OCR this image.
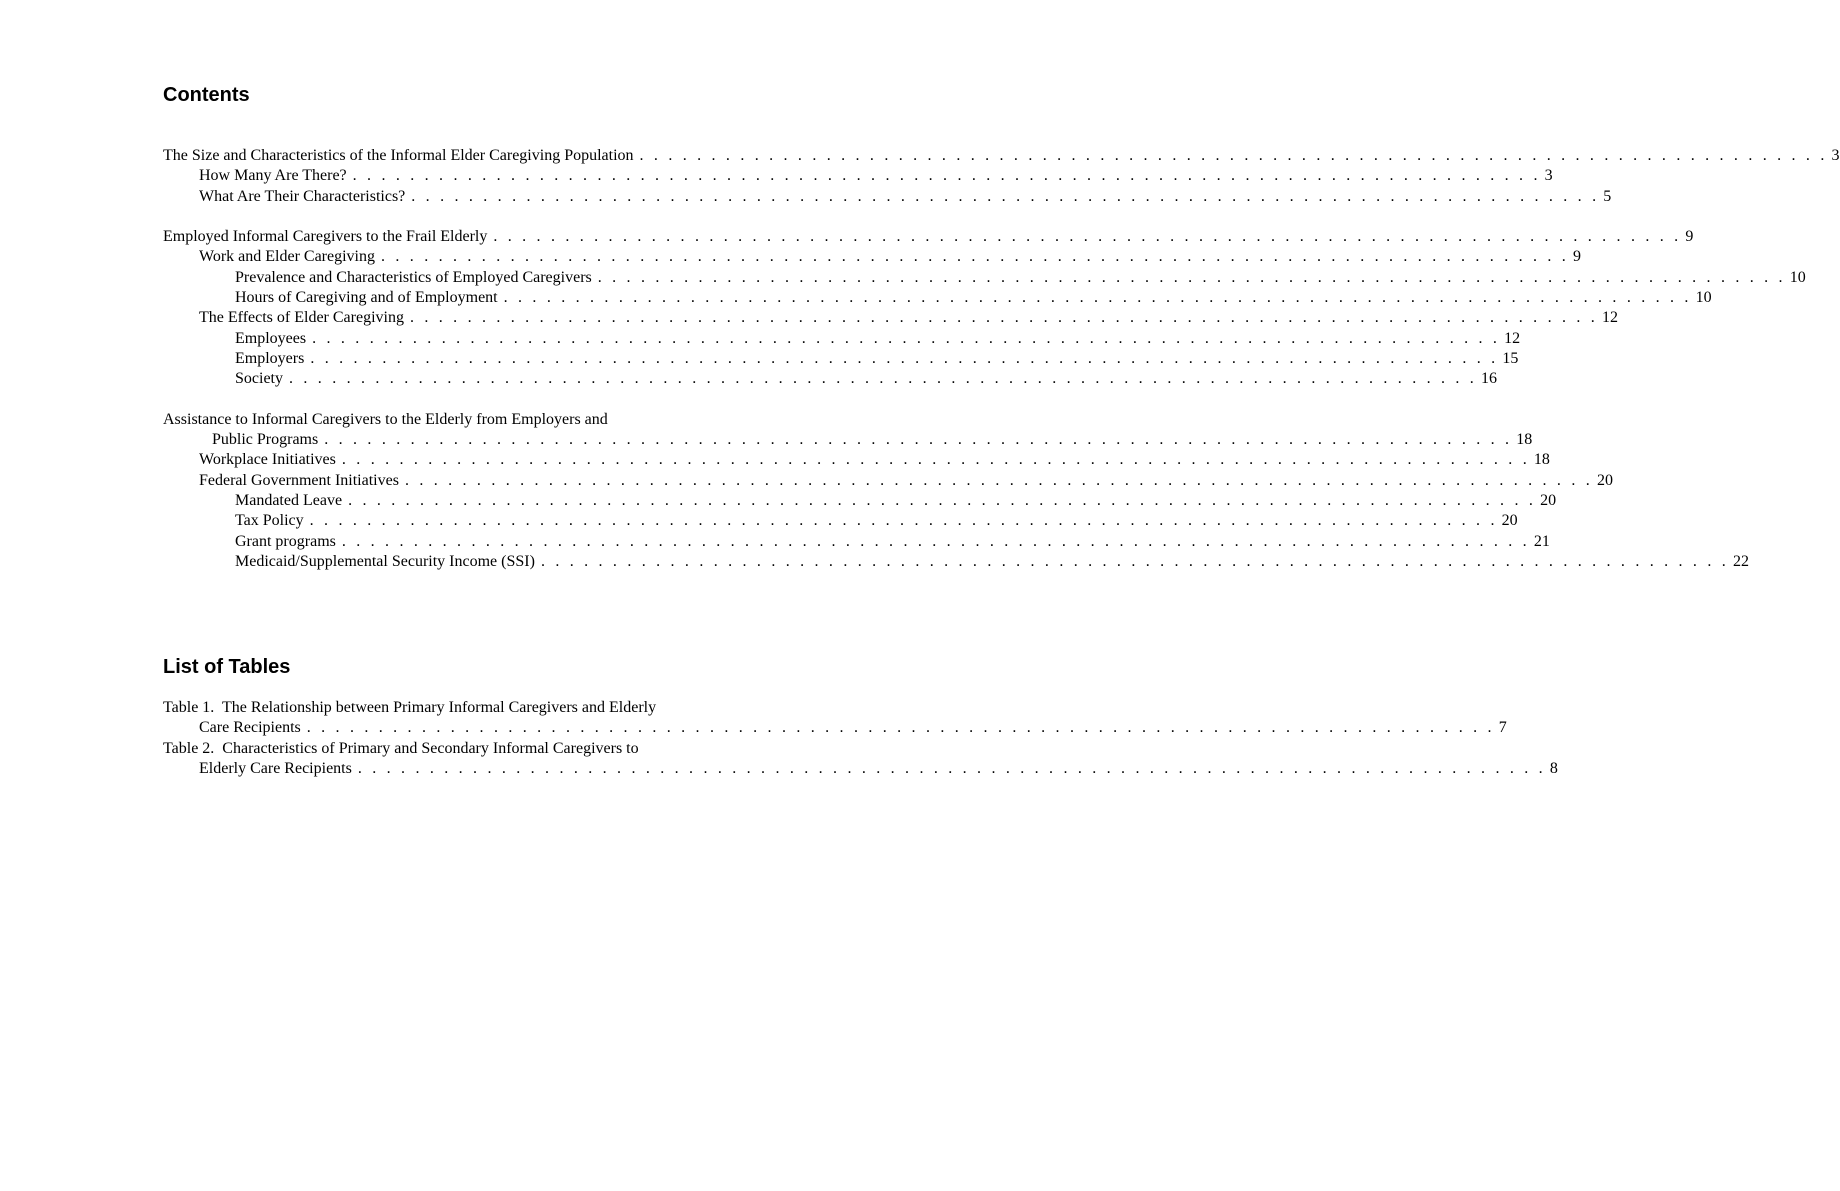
Contents
The Size and Characteristics of the Informal Elder Caregiving Population . . . . . . . . . . . . . . . . . . . . . . . . . . . . . . . . . . . . . . . . . . . . . . . . . . . . . . . . . . . . . . . . . . . . . . . . . . . . . . . . . . . 3
How Many Are There? . . . . . . . . . . . . . . . . . . . . . . . . . . . . . . . . . . . . . . . . . . . . . . . . . . . . . . . . . . . . . . . . . . . . . . . . . . . . . . . . . . . 3
What Are Their Characteristics? . . . . . . . . . . . . . . . . . . . . . . . . . . . . . . . . . . . . . . . . . . . . . . . . . . . . . . . . . . . . . . . . . . . . . . . . . . . . . . . . . . . 5
Employed Informal Caregivers to the Frail Elderly . . . . . . . . . . . . . . . . . . . . . . . . . . . . . . . . . . . . . . . . . . . . . . . . . . . . . . . . . . . . . . . . . . . . . . . . . . . . . . . . . . . 9
Work and Elder Caregiving . . . . . . . . . . . . . . . . . . . . . . . . . . . . . . . . . . . . . . . . . . . . . . . . . . . . . . . . . . . . . . . . . . . . . . . . . . . . . . . . . . . 9
Prevalence and Characteristics of Employed Caregivers . . . . . . . . . . . . . . . . . . . . . . . . . . . . . . . . . . . . . . . . . . . . . . . . . . . . . . . . . . . . . . . . . . . . . . . . . . . . . . . . . . . 10
Hours of Caregiving and of Employment . . . . . . . . . . . . . . . . . . . . . . . . . . . . . . . . . . . . . . . . . . . . . . . . . . . . . . . . . . . . . . . . . . . . . . . . . . . . . . . . . . . 10
The Effects of Elder Caregiving . . . . . . . . . . . . . . . . . . . . . . . . . . . . . . . . . . . . . . . . . . . . . . . . . . . . . . . . . . . . . . . . . . . . . . . . . . . . . . . . . . . 12
Employees . . . . . . . . . . . . . . . . . . . . . . . . . . . . . . . . . . . . . . . . . . . . . . . . . . . . . . . . . . . . . . . . . . . . . . . . . . . . . . . . . . . 12
Employers . . . . . . . . . . . . . . . . . . . . . . . . . . . . . . . . . . . . . . . . . . . . . . . . . . . . . . . . . . . . . . . . . . . . . . . . . . . . . . . . . . . 15
Society . . . . . . . . . . . . . . . . . . . . . . . . . . . . . . . . . . . . . . . . . . . . . . . . . . . . . . . . . . . . . . . . . . . . . . . . . . . . . . . . . . . 16
Assistance to Informal Caregivers to the Elderly from Employers and
Public Programs . . . . . . . . . . . . . . . . . . . . . . . . . . . . . . . . . . . . . . . . . . . . . . . . . . . . . . . . . . . . . . . . . . . . . . . . . . . . . . . . . . . 18
Workplace Initiatives . . . . . . . . . . . . . . . . . . . . . . . . . . . . . . . . . . . . . . . . . . . . . . . . . . . . . . . . . . . . . . . . . . . . . . . . . . . . . . . . . . . 18
Federal Government Initiatives . . . . . . . . . . . . . . . . . . . . . . . . . . . . . . . . . . . . . . . . . . . . . . . . . . . . . . . . . . . . . . . . . . . . . . . . . . . . . . . . . . . 20
Mandated Leave . . . . . . . . . . . . . . . . . . . . . . . . . . . . . . . . . . . . . . . . . . . . . . . . . . . . . . . . . . . . . . . . . . . . . . . . . . . . . . . . . . . 20
Tax Policy . . . . . . . . . . . . . . . . . . . . . . . . . . . . . . . . . . . . . . . . . . . . . . . . . . . . . . . . . . . . . . . . . . . . . . . . . . . . . . . . . . . 20
Grant programs . . . . . . . . . . . . . . . . . . . . . . . . . . . . . . . . . . . . . . . . . . . . . . . . . . . . . . . . . . . . . . . . . . . . . . . . . . . . . . . . . . . 21
Medicaid/Supplemental Security Income (SSI) . . . . . . . . . . . . . . . . . . . . . . . . . . . . . . . . . . . . . . . . . . . . . . . . . . . . . . . . . . . . . . . . . . . . . . . . . . . . . . . . . . . 22
List of Tables
Table 1.  The Relationship between Primary Informal Caregivers and Elderly
Care Recipients . . . . . . . . . . . . . . . . . . . . . . . . . . . . . . . . . . . . . . . . . . . . . . . . . . . . . . . . . . . . . . . . . . . . . . . . . . . . . . . . . . . 7
Table 2.  Characteristics of Primary and Secondary Informal Caregivers to
Elderly Care Recipients . . . . . . . . . . . . . . . . . . . . . . . . . . . . . . . . . . . . . . . . . . . . . . . . . . . . . . . . . . . . . . . . . . . . . . . . . . . . . . . . . . . 8
